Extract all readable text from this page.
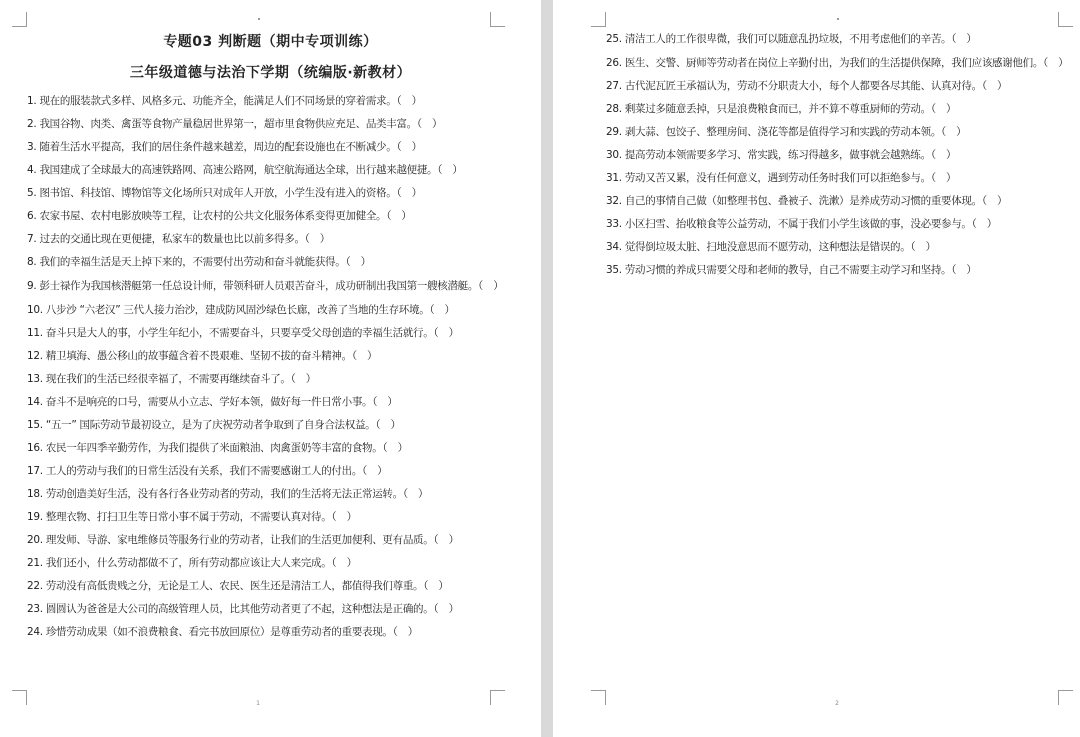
专题03 判断题（期中专项训练）
三年级道德与法治下学期（统编版·新教材）
1. 现在的服装款式多样、风格多元、功能齐全，能满足人们不同场景的穿着需求。（　）
2. 我国谷物、肉类、禽蛋等食物产量稳居世界第一，超市里食物供应充足、品类丰富。（　）
3. 随着生活水平提高，我们的居住条件越来越差，周边的配套设施也在不断减少。（　）
4. 我国建成了全球最大的高速铁路网、高速公路网，航空航海通达全球，出行越来越便捷。（　）
5. 图书馆、科技馆、博物馆等文化场所只对成年人开放，小学生没有进入的资格。（　）
6. 农家书屋、农村电影放映等工程，让农村的公共文化服务体系变得更加健全。（　）
7. 过去的交通比现在更便捷，私家车的数量也比以前多得多。（　）
8. 我们的幸福生活是天上掉下来的，不需要付出劳动和奋斗就能获得。（　）
9. 彭士禄作为我国核潜艇第一任总设计师，带领科研人员艰苦奋斗，成功研制出我国第一艘核潜艇。（　）
10. 八步沙 “六老汉” 三代人接力治沙，建成防风固沙绿色长廊，改善了当地的生存环境。（　）
11. 奋斗只是大人的事，小学生年纪小，不需要奋斗，只要享受父母创造的幸福生活就行。（　）
12. 精卫填海、愚公移山的故事蕴含着不畏艰难、坚韧不拔的奋斗精神。（　）
13. 现在我们的生活已经很幸福了，不需要再继续奋斗了。（　）
14. 奋斗不是响亮的口号，需要从小立志、学好本领，做好每一件日常小事。（　）
15. “五一” 国际劳动节最初设立，是为了庆祝劳动者争取到了自身合法权益。（　）
16. 农民一年四季辛勤劳作，为我们提供了米面粮油、肉禽蛋奶等丰富的食物。（　）
17. 工人的劳动与我们的日常生活没有关系，我们不需要感谢工人的付出。（　）
18. 劳动创造美好生活，没有各行各业劳动者的劳动，我们的生活将无法正常运转。（　）
19. 整理衣物、打扫卫生等日常小事不属于劳动，不需要认真对待。（　）
20. 理发师、导游、家电维修员等服务行业的劳动者，让我们的生活更加便利、更有品质。（　）
21. 我们还小，什么劳动都做不了，所有劳动都应该让大人来完成。（　）
22. 劳动没有高低贵贱之分，无论是工人、农民、医生还是清洁工人，都值得我们尊重。（　）
23. 圆圆认为爸爸是大公司的高级管理人员，比其他劳动者更了不起，这种想法是正确的。（　）
24. 珍惜劳动成果（如不浪费粮食、看完书放回原位）是尊重劳动者的重要表现。（　）
1
25. 清洁工人的工作很卑微，我们可以随意乱扔垃圾，不用考虑他们的辛苦。（　）
26. 医生、交警、厨师等劳动者在岗位上辛勤付出，为我们的生活提供保障，我们应该感谢他们。（　）
27. 古代泥瓦匠王承福认为，劳动不分职责大小，每个人都要各尽其能、认真对待。（　）
28. 剩菜过多随意丢掉，只是浪费粮食而已，并不算不尊重厨师的劳动。（　）
29. 剥大蒜、包饺子、整理房间、浇花等都是值得学习和实践的劳动本领。（　）
30. 提高劳动本领需要多学习、常实践，练习得越多，做事就会越熟练。（　）
31. 劳动又苦又累，没有任何意义，遇到劳动任务时我们可以拒绝参与。（　）
32. 自己的事情自己做（如整理书包、叠被子、洗漱）是养成劳动习惯的重要体现。（　）
33. 小区扫雪、抬收粮食等公益劳动，不属于我们小学生该做的事，没必要参与。（　）
34. 觉得倒垃圾太脏、扫地没意思而不愿劳动，这种想法是错误的。（　）
35. 劳动习惯的养成只需要父母和老师的教导，自己不需要主动学习和坚持。（　）
2
